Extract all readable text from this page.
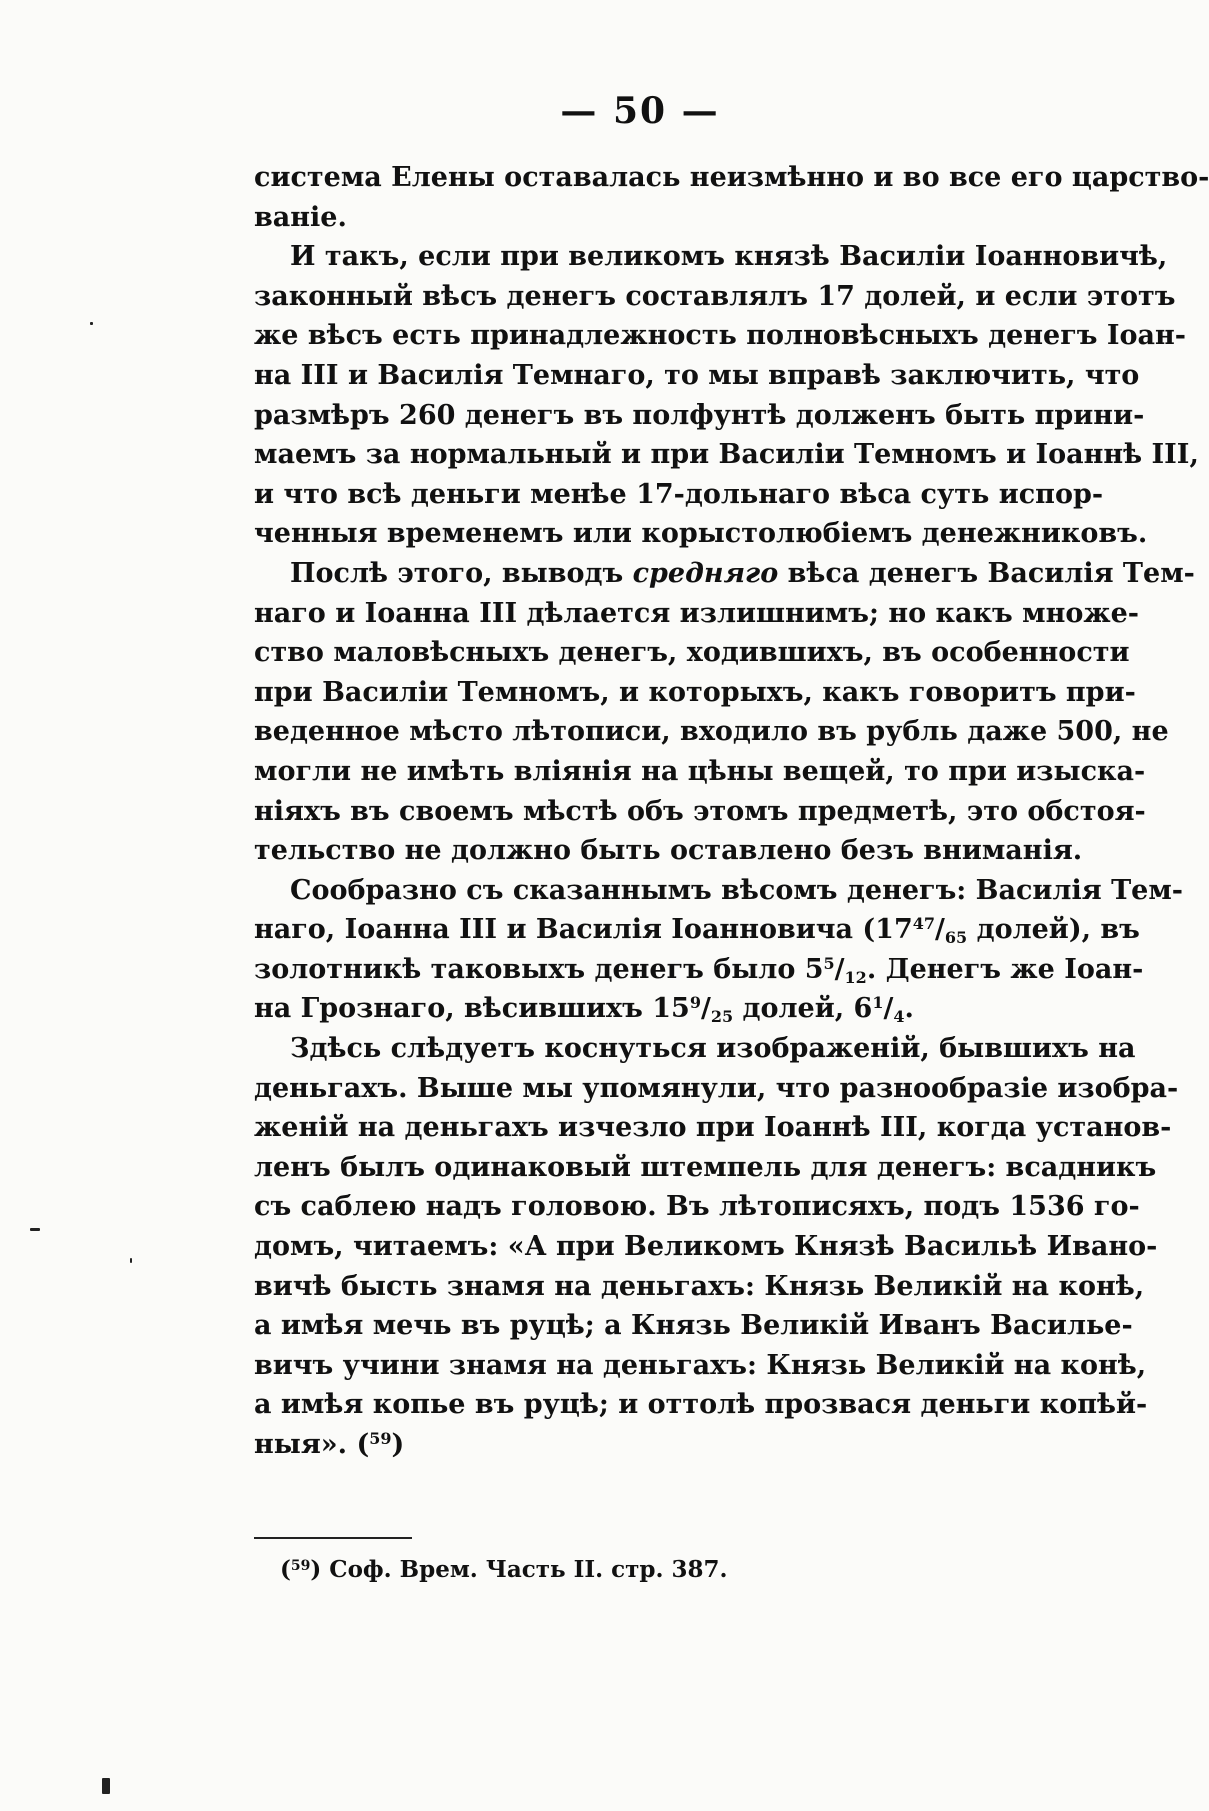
— 50 —
система Елены оставалась неизмѣнно и во все его царство-
ваніе.
И такъ, если при великомъ князѣ Василіи Іоанновичѣ,
законный вѣсъ денегъ составлялъ 17 долей, и если этотъ
же вѣсъ есть принадлежность полновѣсныхъ денегъ Іоан-
на III и Василія Темнаго, то мы вправѣ заключить, что
размѣръ 260 денегъ въ полфунтѣ долженъ быть прини-
маемъ за нормальный и при Василіи Темномъ и Іоаннѣ III,
и что всѣ деньги менѣе 17-дольнаго вѣса суть испор-
ченныя временемъ или корыстолюбіемъ денежниковъ.
Послѣ этого, выводъ средняго вѣса денегъ Василія Тем-
наго и Іоанна III дѣлается излишнимъ; но какъ множе-
ство маловѣсныхъ денегъ, ходившихъ, въ особенности
при Василіи Темномъ, и которыхъ, какъ говоритъ при-
веденное мѣсто лѣтописи, входило въ рубль даже 500, не
могли не имѣть вліянія на цѣны вещей, то при изыска-
ніяхъ въ своемъ мѣстѣ объ этомъ предметѣ, это обстоя-
тельство не должно быть оставлено безъ вниманія.
Сообразно съ сказаннымъ вѣсомъ денегъ: Василія Тем-
наго, Іоанна III и Василія Іоанновича ($17^{47}/_{65}$ долей), въ
золотникѣ таковыхъ денегъ было $5^5/_{12}$. Денегъ же Іоан-
на Грознаго, вѣсившихъ $15^9/_{25}$ долей, $6^1/_4$.
Здѣсь слѣдуетъ коснуться изображеній, бывшихъ на
деньгахъ. Выше мы упомянули, что разнообразіе изобра-
женій на деньгахъ изчезло при Іоаннѣ III, когда установ-
ленъ былъ одинаковый штемпель для денегъ: всадникъ
съ саблею надъ головою. Въ лѣтописяхъ, подъ 1536 го-
домъ, читаемъ: «А при Великомъ Князѣ Васильѣ Ивано-
вичѣ бысть знамя на деньгахъ: Князь Великій на конѣ,
а имѣя мечь въ руцѣ; а Князь Великій Иванъ Василье-
вичъ учини знамя на деньгахъ: Князь Великій на конѣ,
а имѣя копье въ руцѣ; и оттолѣ прозвася деньги копѣй-
ныя». ($^{59}$)
($^{59}$) Соф. Врем. Часть II. стр. 387.
